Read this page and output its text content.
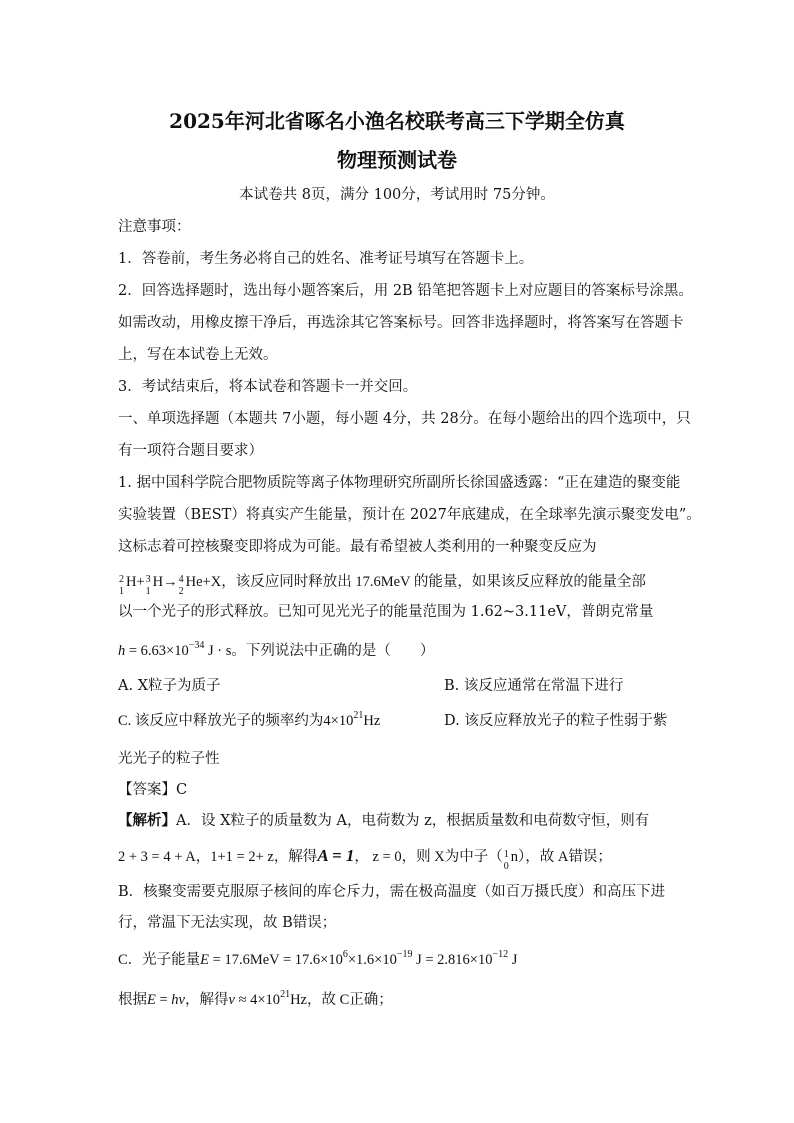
2025年河北省啄名小渔名校联考高三下学期全仿真
物理预测试卷
本试卷共 8页，满分 100分，考试用时 75分钟。
注意事项：
1．答卷前，考生务必将自己的姓名、准考证号填写在答题卡上。
2．回答选择题时，选出每小题答案后，用 2B 铅笔把答题卡上对应题目的答案标号涂黑。
如需改动，用橡皮擦干净后，再选涂其它答案标号。回答非选择题时，将答案写在答题卡
上，写在本试卷上无效。
3．考试结束后，将本试卷和答题卡一并交回。
一、单项选择题（本题共 7小题，每小题 4分，共 28分。在每小题给出的四个选项中，只
有一项符合题目要求）
1. 据中国科学院合肥物质院等离子体物理研究所副所长徐国盛透露：“正在建造的聚变能
实验装置（BEST）将真实产生能量，预计在 2027年底建成，在全球率先演示聚变发电”。
这标志着可控核聚变即将成为可能。最有希望被人类利用的一种聚变反应为
2
1
H+ 3
1
H→ 4
2
He+X，该反应同时释放出 17.6MeV 的能量，如果该反应释放的能量全部
以一个光子的形式释放。已知可见光光子的能量范围为 1.62~3.11eV，普朗克常量
$h = 6.63\times 10^{-34}$ J · s。下列说法中正确的是（　　）
A. X粒子为质子	B. 该反应通常在常温下进行
C. 该反应中释放光子的频率约为$4\times 10^{21}Hz$	D. 该反应释放光子的粒子性弱于紫
光光子的粒子性
【答案】C
【解析】A．设 X粒子的质量数为 A，电荷数为 z，根据质量数和电荷数守恒，则有
2 + 3 = 4 + A，1+1 = 2+ z，解得A = 1， z = 0，则 X为中子（ 1
0
n），故 A错误；
B．核聚变需要克服原子核间的库仑斥力，需在极高温度（如百万摄氏度）和高压下进
行，常温下无法实现，故 B错误；
C．光子能量$E = 17.6MeV = 17.6\times 10^6\times 1.6\times 10^{-19}$ $J = 2.816\times 10^{-12}$ J
根据E = hν，解得$\nu \approx 4\times 10^{21}Hz$，故 C正确；
